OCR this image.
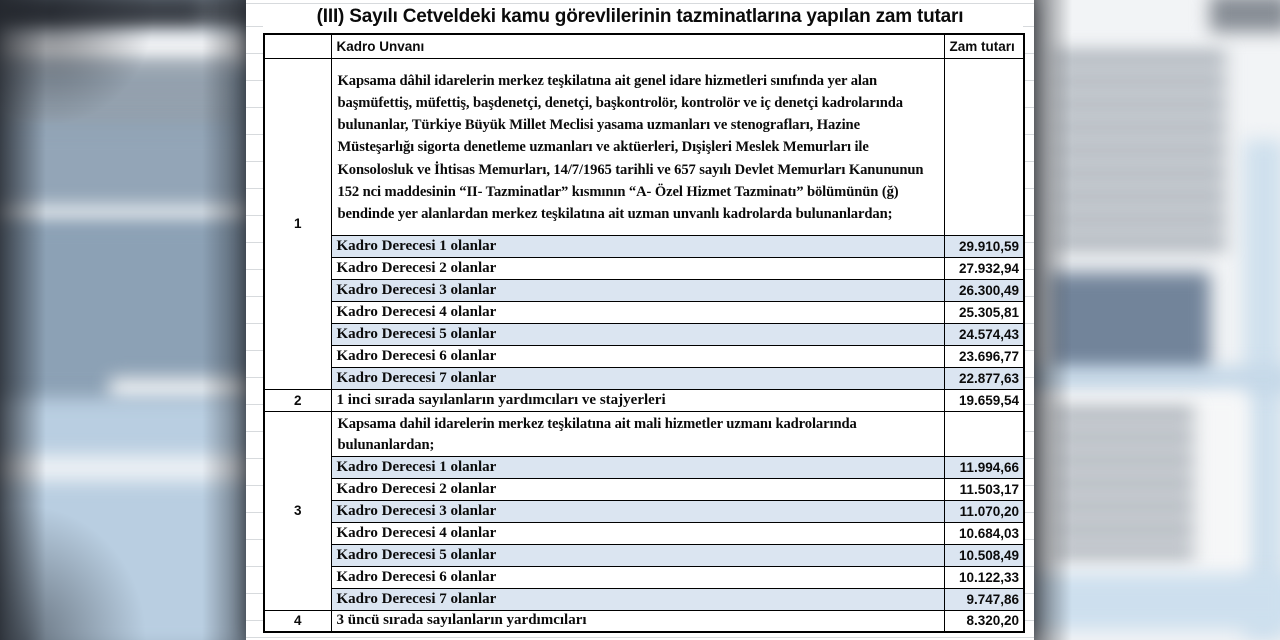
(III) Sayılı Cetveldeki kamu görevlilerinin tazminatlarına yapılan zam tutarı
	Kadro Unvanı	Zam tutarı
1	Kapsama dâhil idarelerin merkez teşkilatına ait genel idare hizmetleri sınıfında yer alan başmüfettiş, müfettiş, başdenetçi, denetçi, başkontrolör, kontrolör ve iç denetçi kadrolarında bulunanlar, Türkiye Büyük Millet Meclisi yasama uzmanları ve stenografları, Hazine Müsteşarlığı sigorta denetleme uzmanları ve aktüerleri, Dışişleri Meslek Memurları ile Konsolosluk ve İhtisas Memurları, 14/7/1965 tarihli ve 657 sayılı Devlet Memurları Kanununun 152 nci maddesinin “II- Tazminatlar” kısmının “A- Özel Hizmet Tazminatı” bölümünün (ğ) bendinde yer alanlardan merkez teşkilatına ait uzman unvanlı kadrolarda bulunanlardan;	
	Kadro Derecesi 1 olanlar	29.910,59
	Kadro Derecesi 2 olanlar	27.932,94
	Kadro Derecesi 3 olanlar	26.300,49
	Kadro Derecesi 4 olanlar	25.305,81
	Kadro Derecesi 5 olanlar	24.574,43
	Kadro Derecesi 6 olanlar	23.696,77
	Kadro Derecesi 7 olanlar	22.877,63
2	1 inci sırada sayılanların yardımcıları ve stajyerleri	19.659,54
3	Kapsama dahil idarelerin merkez teşkilatına ait mali hizmetler uzmanı kadrolarında bulunanlardan;	
	Kadro Derecesi 1 olanlar	11.994,66
	Kadro Derecesi 2 olanlar	11.503,17
	Kadro Derecesi 3 olanlar	11.070,20
	Kadro Derecesi 4 olanlar	10.684,03
	Kadro Derecesi 5 olanlar	10.508,49
	Kadro Derecesi 6 olanlar	10.122,33
	Kadro Derecesi 7 olanlar	9.747,86
4	3 üncü sırada sayılanların yardımcıları	8.320,20
